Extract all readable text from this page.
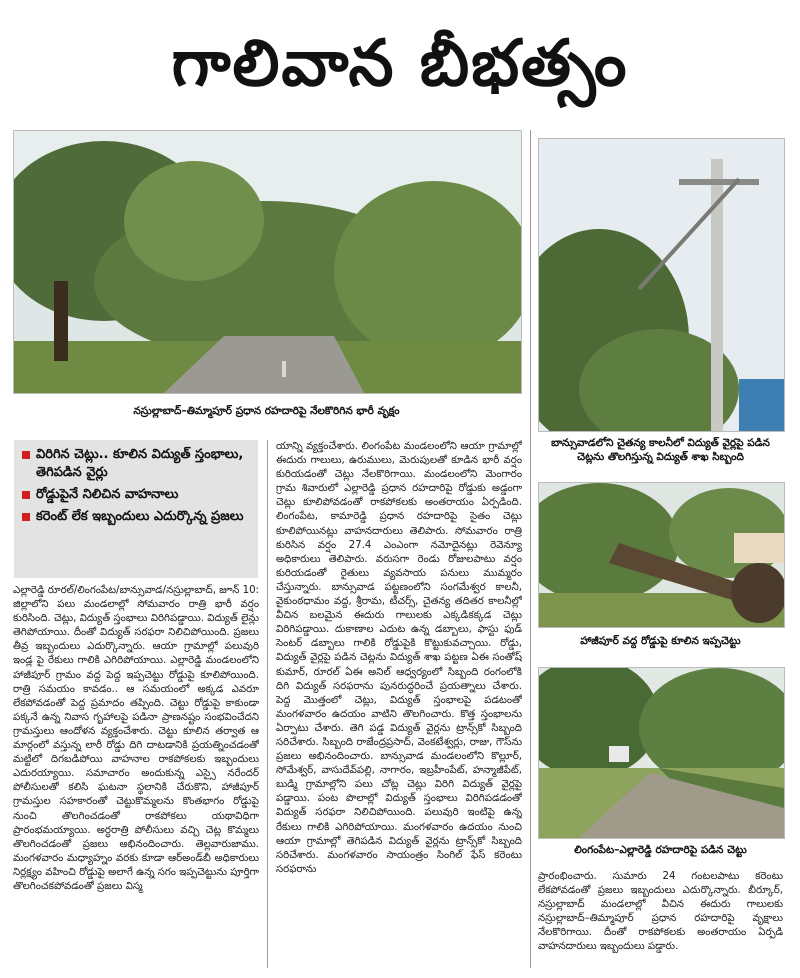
గాలివాన బీభత్సం
నస్రుల్లాబాద్–తిమ్మాపూర్ ప్రధాన రహదారిపై నేలకొరిగిన భారీ వృక్షం
బాన్సువాడలోని చైతన్య కాలనీలో విద్యుత్ వైర్లపై పడిన చెట్లను తొలగిస్తున్న విద్యుత్ శాఖ సిబ్బంది
హాజీపూర్ వద్ద రోడ్డుపై కూలిన ఇప్పచెట్టు
లింగంపేట–ఎల్లారెడ్డి రహదారిపై పడిన చెట్టు
విరిగిన చెట్లు.. కూలిన విద్యుత్ స్తంభాలు, తెగిపడిన వైర్లు
రోడ్డుపైనే నిలిచిన వాహనాలు
కరెంట్ లేక ఇబ్బందులు ఎదుర్కొన్న ప్రజలు

ఎల్లారెడ్డి రూరల్/లింగంపేట/బాన్సువాడ/నస్రుల్లాబాద్, జూన్ 10: జిల్లాలోని పలు మండలాల్లో సోమవారం రాత్రి భారీ వర్షం కురిసింది. చెట్లు, విద్యుత్ స్తంభాలు విరిగిపడ్డాయి. విద్యుత్ లైన్లు తెగిపోయాయి. దీంతో విద్యుత్ సరఫరా నిలిచిపోయింది. ప్రజలు తీవ్ర ఇబ్బందులు ఎదుర్కొన్నారు. ఆయా గ్రామాల్లో పలువురి ఇండ్ల పై రేకులు గాలికి ఎగిరిపోయాయి. ఎల్లారెడ్డి మండలంలోని హాజీపూర్ గ్రామం వద్ద పెద్ద ఇప్పచెట్టు రోడ్డుపై కూలిపోయింది. రాత్రి సమయం కావడం.. ఆ సమయంలో అక్కడ ఎవరూ లేకపోవడంతో పెద్ద ప్రమాదం తప్పింది. చెట్టు రోడ్డుపై కాకుండా పక్కనే ఉన్న నివాస గృహాలపై పడినా ప్రాణనష్టం సంభవించేదని గ్రామస్తులు ఆందోళన వ్యక్తంచేశారు. చెట్టు కూలిన తర్వాత ఆ మార్గంలో వస్తున్న లారీ రోడ్డు దిగి దాటడానికి ప్రయత్నించడంతో మట్టిలో దిగబడిపోయి వాహనాల రాకపోకలకు ఇబ్బందులు ఎదురయ్యాయి. సమాచారం అందుకున్న ఎస్సై నరేందర్ పోలీసులతో కలిసి ఘటనా స్థలానికి చేరుకొని, హాజీపూర్ గ్రామస్తుల సహకారంతో చెట్టుకొమ్మలను కొంతభాగం రోడ్డుపై నుంచి తొలగించడంతో రాకపోకలు యథావిధిగా ప్రారంభమయ్యాయి. అర్ధరాత్రి పోలీసులు వచ్చి చెట్ల కొమ్మలు తొలగించడంతో ప్రజలు అభినందించారు. తెల్లవారుజాము. మంగళవారం మధ్యాహ్నం వరకు కూడా ఆర్‌అండ్‌బీ అధికారులు నిర్లక్ష్యం వహించి రోడ్డుపై అలాగే ఉన్న సగం ఇప్పచెట్టును పూర్తిగా తొలగించకపోవడంతో ప్రజలు విస్మ

యాన్ని వ్యక్తంచేశారు. లింగంపేట మండలంలోని ఆయా గ్రామాల్లో ఈదురు గాలులు, ఉరుములు, మెరుపులతో కూడిన భారీ వర్షం కురియడంతో చెట్లు నేలకొరిగాయి. మండలంలోని మెంగారం గ్రామ శివారులో ఎల్లారెడ్డి ప్రధాన రహదారిపై రోడ్డుకు అడ్డంగా చెట్లు కూలిపోవడంతో రాకపోకలకు అంతరాయం ఏర్పడింది. లింగంపేట, కామారెడ్డి ప్రధాన రహదారిపై సైతం చెట్లు కూలిపోయినట్లు వాహనదారులు తెలిపారు. సోమవారం రాత్రి కురిసిన వర్షం 27.4 ఎంఎంగా నమోదైనట్లు రెవెన్యూ అధికారులు తెలిపారు. వరుసగా రెండు రోజులపాటు వర్షం కురియడంతో రైతులు వ్యవసాయ పనులు ముమ్మరం చేస్తున్నారు. బాన్సువాడ పట్టణంలోని సంగమేశ్వర కాలనీ, వైకుంఠధామం వద్ద, శ్రీరామ, టీచర్స్, చైతన్య తదితర కాలనీల్లో వీచిన బలమైన ఈదురు గాలులకు ఎక్కడికక్కడ చెట్లు విరిగిపడ్డాయి. దుకాణాల ఎదుట ఉన్న డబ్బాలు, ఫాస్టు ఫుడ్ సెంటర్ డబ్బాలు గాలికి రోడ్డుపైకి కొట్టుకువచ్చాయి. రోడ్డు, విద్యుత్ వైర్లపై పడిన చెట్లను విద్యుత్ శాఖ పట్టణ ఏఈ సంతోష్ కుమార్, రూరల్ ఏఈ అనిల్ ఆధ్వర్యంలో సిబ్బంది రంగంలోకి దిగి విద్యుత్ సరఫరాను పునరుద్ధరించే ప్రయత్నాలు చేశారు. పెద్ద మొత్తంలో చెట్లు, విద్యుత్ స్తంభాలపై పడటంతో మంగళవారం ఉదయం వాటిని తొలగించారు. కొత్త స్తంభాలను ఏర్పాటు చేశారు. తెగి పడ్డ విద్యుత్ వైర్లను ట్రాన్స్‌కో సిబ్బంది సరిచేశారు. సిబ్బంది రాజేంద్రప్రసాద్, వెంకటేశ్వర్లు, రాజు, గౌస్‌ను ప్రజలు అభినందించారు. బాన్సువాడ మండలంలోని కొల్లూర్, సోమేశ్వర్, వాసుదేవ్‌పల్లి, నాగారం, ఇబ్రహీంపేట్, హన్మాజీపేట్, బుడ్మి గ్రామాల్లోని పలు చోట్ల చెట్లు విరిగి విద్యుత్ వైర్లపై పడ్డాయి. పంట పొలాల్లో విద్యుత్ స్తంభాలు విరిగిపడడంతో విద్యుత్ సరఫరా నిలిచిపోయింది. పలువురి ఇంటిపై ఉన్న రేకులు గాలికి ఎగిరిపోయాయి. మంగళవారం ఉదయం నుంచి ఆయా గ్రామాల్లో తెగిపడిన విద్యుత్ వైర్లను ట్రాన్స్‌కో సిబ్బంది సరిచేశారు. మంగళవారం సాయంత్రం సింగిల్ ఫేస్ కరెంటు సరఫరాను

ప్రారంభించారు. సుమారు 24 గంటలపాటు కరెంటు లేకపోవడంతో ప్రజలు ఇబ్బందులు ఎదుర్కొన్నారు. బీర్కూర్, నస్రుల్లాబాద్ మండలాల్లో వీచిన ఈదురు గాలులకు నస్రుల్లాబాద్–తిమ్మాపూర్ ప్రధాన రహదారిపై వృక్షాలు నేలకొరిగాయి. దీంతో రాకపోకలకు అంతరాయం ఏర్పడి వాహనదారులు ఇబ్బందులు పడ్డారు.
